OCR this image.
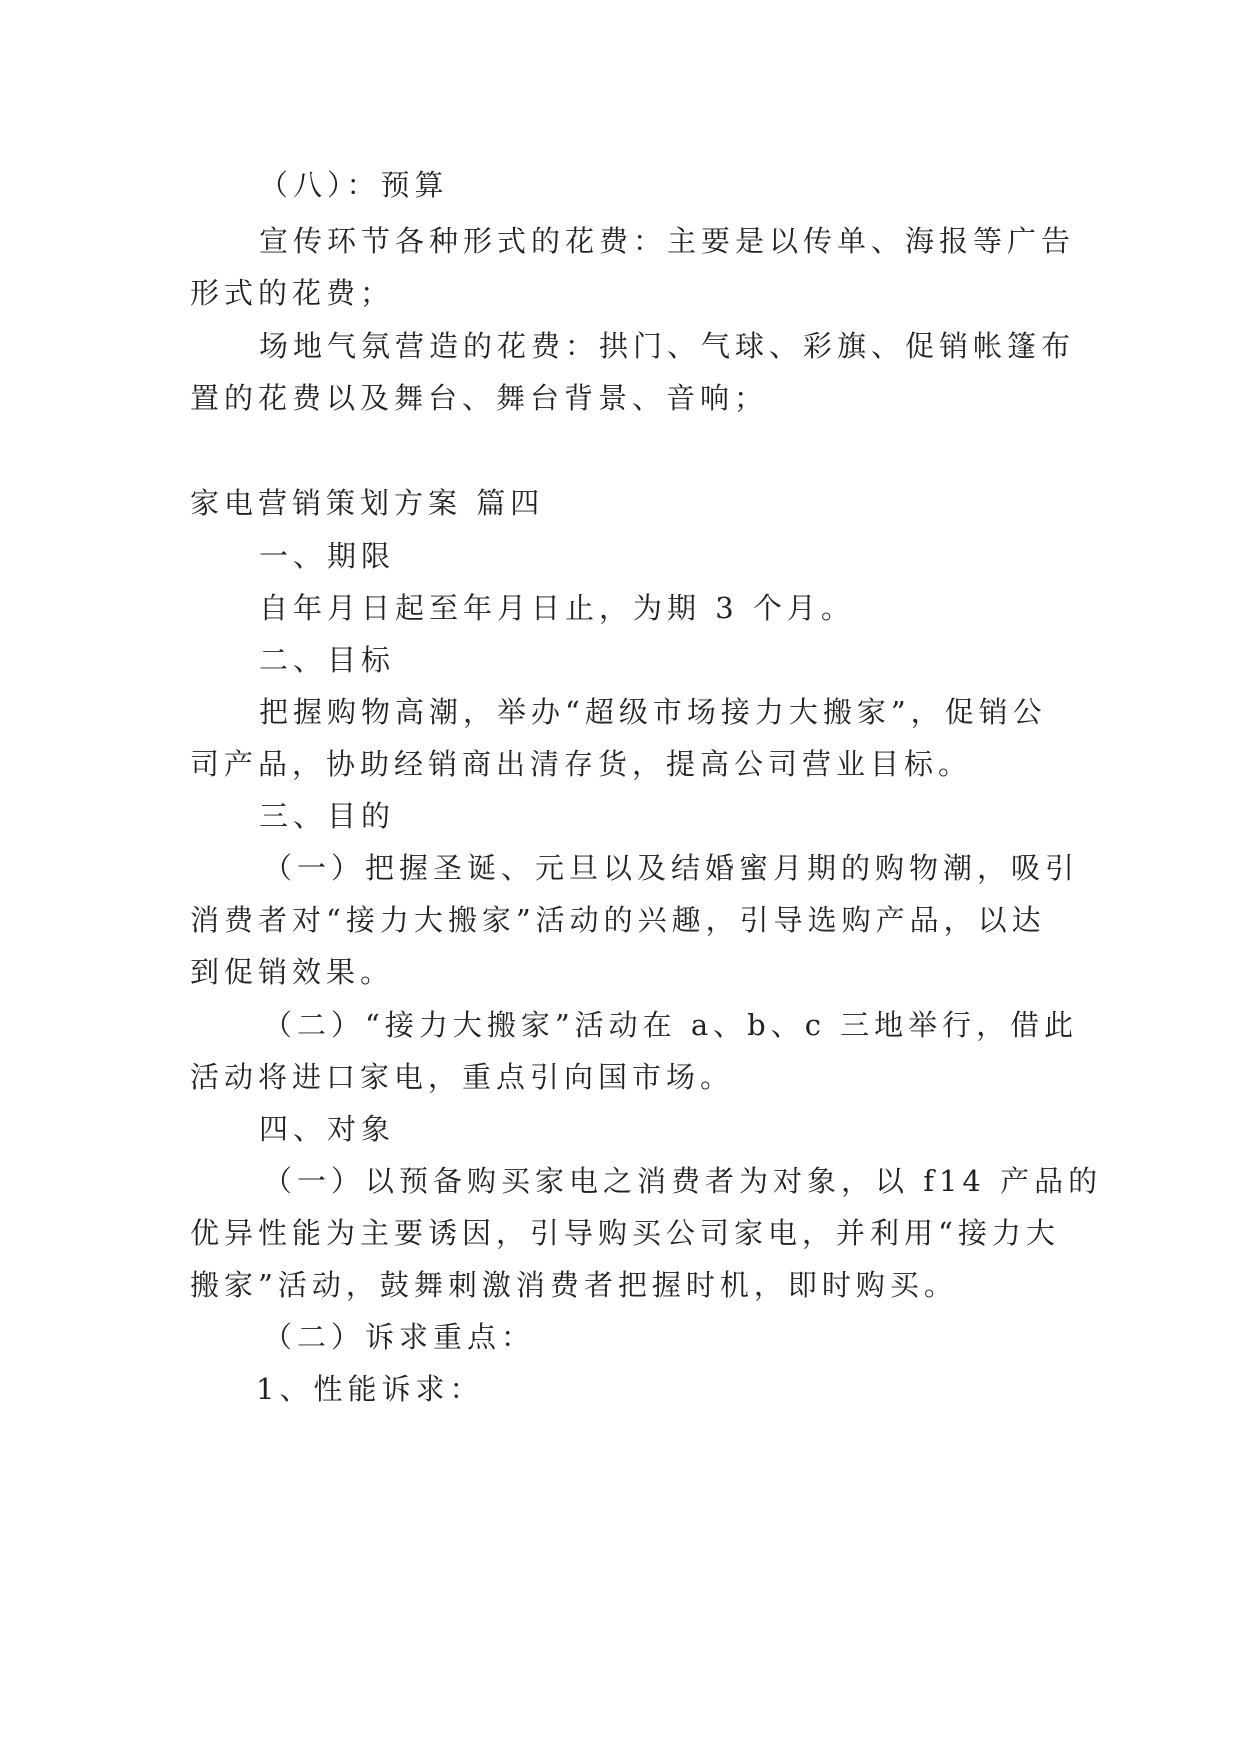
（八）：预算

宣传环节各种形式的花费：主要是以传单、海报等广告

形式的花费；

场地气氛营造的花费：拱门、气球、彩旗、促销帐篷布

置的花费以及舞台、舞台背景、音响；

家电营销策划方案 篇四

一、期限

自年月日起至年月日止，为期 3 个月。

二、目标

把握购物高潮，举办“超级市场接力大搬家”，促销公

司产品，协助经销商出清存货，提高公司营业目标。

三、目的

（一）把握圣诞、元旦以及结婚蜜月期的购物潮，吸引

消费者对“接力大搬家”活动的兴趣，引导选购产品，以达

到促销效果。

（二）“接力大搬家”活动在 a、b、c 三地举行，借此

活动将进口家电，重点引向国市场。

四、对象

（一）以预备购买家电之消费者为对象，以 f14 产品的

优异性能为主要诱因，引导购买公司家电，并利用“接力大

搬家”活动，鼓舞刺激消费者把握时机，即时购买。

（二）诉求重点：

1、性能诉求：
